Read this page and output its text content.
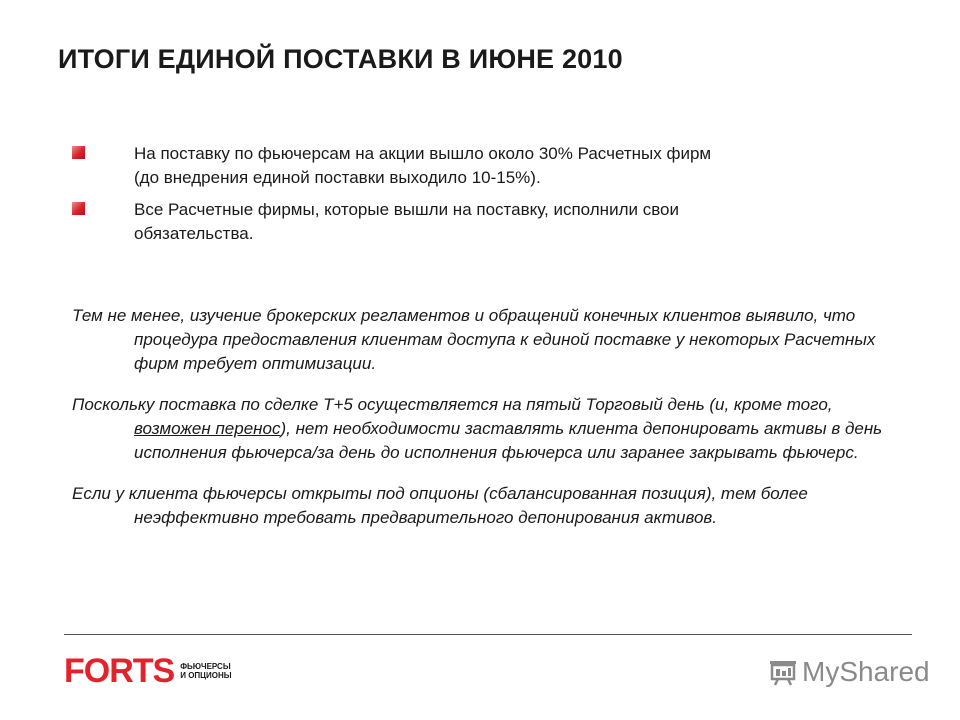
ИТОГИ ЕДИНОЙ ПОСТАВКИ В ИЮНЕ 2010
На поставку по фьючерсам на акции вышло около 30% Расчетных фирм
(до внедрения единой поставки выходило 10-15%).
Все Расчетные фирмы, которые вышли на поставку, исполнили свои
обязательства.

Тем не менее, изучение брокерских регламентов и обращений конечных клиентов выявило, что процедура предоставления клиентам доступа к единой поставке у некоторых Расчетных фирм требует оптимизации.

Поскольку поставка по сделке Т+5 осуществляется на пятый Торговый день (и, кроме того, возможен перенос), нет необходимости заставлять клиента депонировать активы в день исполнения фьючерса/за день до исполнения фьючерса или заранее закрывать фьючерс.

Если у клиента фьючерсы открыты под опционы (сбалансированная позиция), тем более неэффективно требовать предварительного депонирования активов.

FORTS ФЬЮЧЕРСЫ
И ОПЦИОНЫ	MyShared
